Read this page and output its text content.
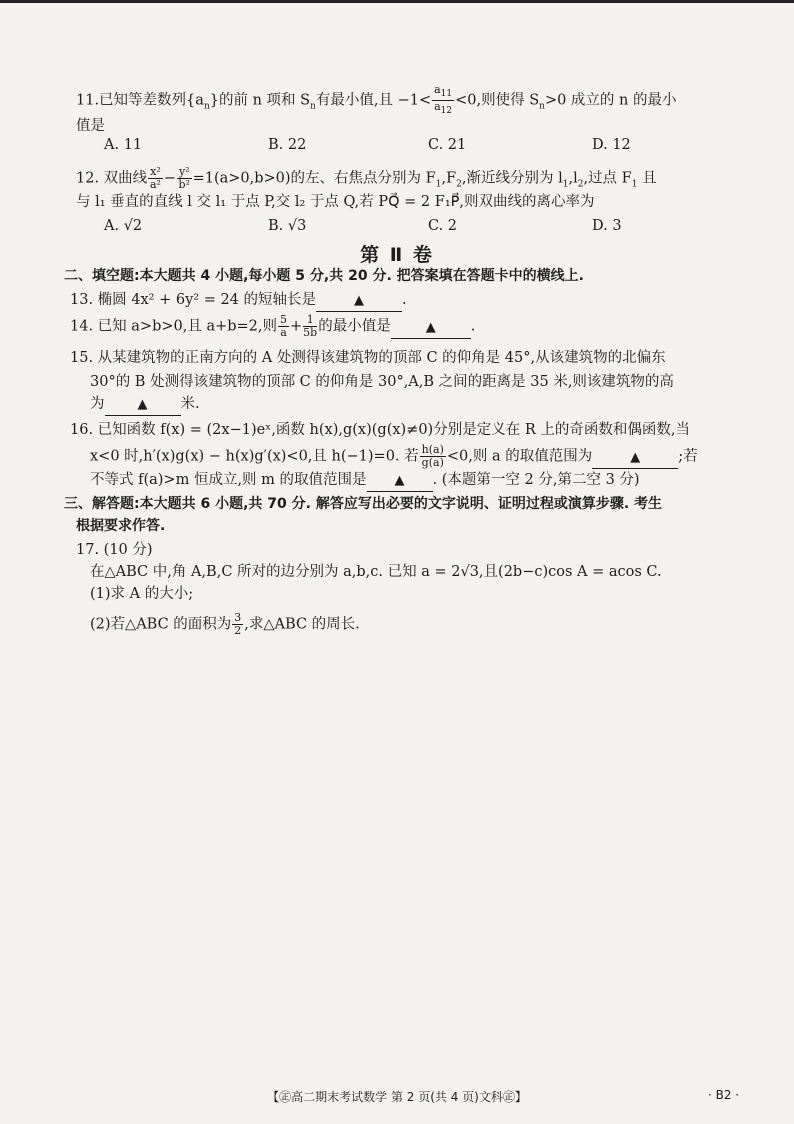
11.已知等差数列$\{a_n\}$的前 n 项和 $S_n$有最小值,且 $-1< \frac{a_{11}}{a_{12}} <0$,则使得 $S_n>0$ 成立的 n 的最小
值是
A. 11	B. 22	C. 21	D. 12
12. 双曲线 $\frac{\text{x²}}{\text{a²}} - \frac{\text{y²}}{\text{b²}} =1(a>0,b>0)$的左、右焦点分别为 $F_1,F_2$,渐近线分别为 $l_1,l_2$,过点 $F_1$ 且
与 l₁ 垂直的直线 l 交 l₁ 于点 P,交 l₂ 于点 Q,若 PQ⃗ = 2 F₁P⃗,则双曲线的离心率为
A. √2	B. √3	C. 2	D. 3
第 Ⅱ 卷
二、填空题:本大题共 4 小题,每小题 5 分,共 20 分. 把答案填在答题卡中的横线上.
13. 椭圆 4x² + 6y² = 24 的短轴长是	▲	.
14. 已知 a>b>0,且 a+b=2,则 $\frac{5}{a} + \frac{1}{5b}$ 的最小值是	▲ .
15. 从某建筑物的正南方向的 A 处测得该建筑物的顶部 C 的仰角是 45°,从该建筑物的北偏东
30°的 B 处测得该建筑物的顶部 C 的仰角是 30°,A,B 之间的距离是 35 米,则该建筑物的高
为	▲ 米.
16. 已知函数 f(x) = (2x−1)eˣ,函数 h(x),g(x)(g(x)≠0)分别是定义在 R 上的奇函数和偶函数,当
x<0 时,h′(x)g(x) − h(x)g′(x)<0,且 h(−1)=0. 若 $\frac{h(a)}{g(a)} <0$,则 a 的取值范围为	▲	;若
不等式 f(a)>m 恒成立,则 m 的取值范围是 ▲ . (本题第一空 2 分,第二空 3 分)
三、解答题:本大题共 6 小题,共 70 分. 解答应写出必要的文字说明、证明过程或演算步骤. 考生
根据要求作答.
17. (10 分)
在△ABC 中,角 A,B,C 所对的边分别为 a,b,c. 已知 a = 2√3,且(2b−c)cos A = acos C.
(1)求 A 的大小;
(2)若△ABC 的面积为 $\frac{3}{2}$ ,求△ABC 的周长.
【㊣高二期末考试数学 第 2 页(共 4 页)文科㊣】	· B2 ·
